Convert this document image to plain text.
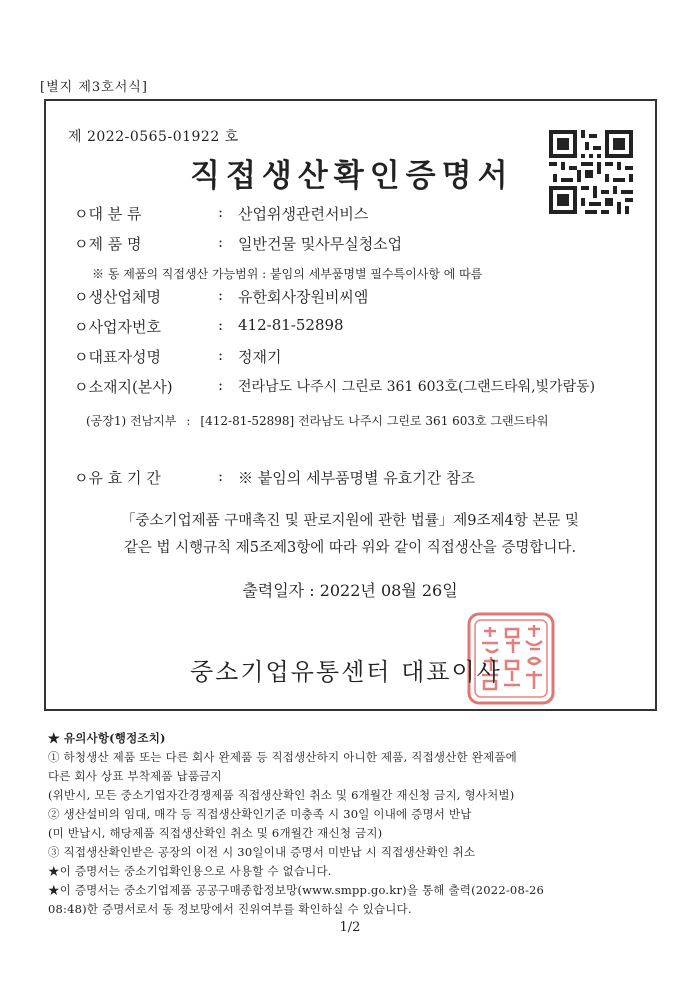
[별지 제3호서식]
제 2022-0565-01922 호
직접생산확인증명서
ㅇ대 분 류	: 산업위생관련서비스
ㅇ제 품 명	: 일반건물 및사무실청소업
※ 동 제품의 직접생산 가능범위 : 붙임의 세부품명별 필수특이사항 에 따름
ㅇ생산업체명	: 유한회사장원비씨엠
ㅇ사업자번호	: 412-81-52898
ㅇ대표자성명	: 정재기
ㅇ소재지(본사)	: 전라남도 나주시 그린로 361 603호(그랜드타워,빛가람동)
(공장1) 전남지부 : [412-81-52898] 전라남도 나주시 그린로 361 603호 그랜드타워
ㅇ유 효 기 간	: ※ 붙임의 세부품명별 유효기간 참조
「중소기업제품 구매촉진 및 판로지원에 관한 법률」제9조제4항 본문 및
같은 법 시행규칙 제5조제3항에 따라 위와 같이 직접생산을 증명합니다.
출력일자 : 2022년 08월 26일
중소기업유통센터 대표이사
★ 유의사항(행정조치)
① 하청생산 제품 또는 다른 회사 완제품 등 직접생산하지 아니한 제품, 직접생산한 완제품에
다른 회사 상표 부착제품 납품금지
(위반시, 모든 중소기업자간경쟁제품 직접생산확인 취소 및 6개월간 재신청 금지, 형사처벌)
② 생산설비의 임대, 매각 등 직접생산확인기준 미충족 시 30일 이내에 증명서 반납
(미 반납시, 해당제품 직접생산확인 취소 및 6개월간 재신청 금지)
③ 직접생산확인받은 공장의 이전 시 30일이내 증명서 미반납 시 직접생산확인 취소
★이 증명서는 중소기업확인용으로 사용할 수 없습니다.
★이 증명서는 중소기업제품 공공구매종합정보망(www.smpp.go.kr)을 통해 출력(2022-08-26
08:48)한 증명서로서 동 정보망에서 진위여부를 확인하실 수 있습니다.
1/2
